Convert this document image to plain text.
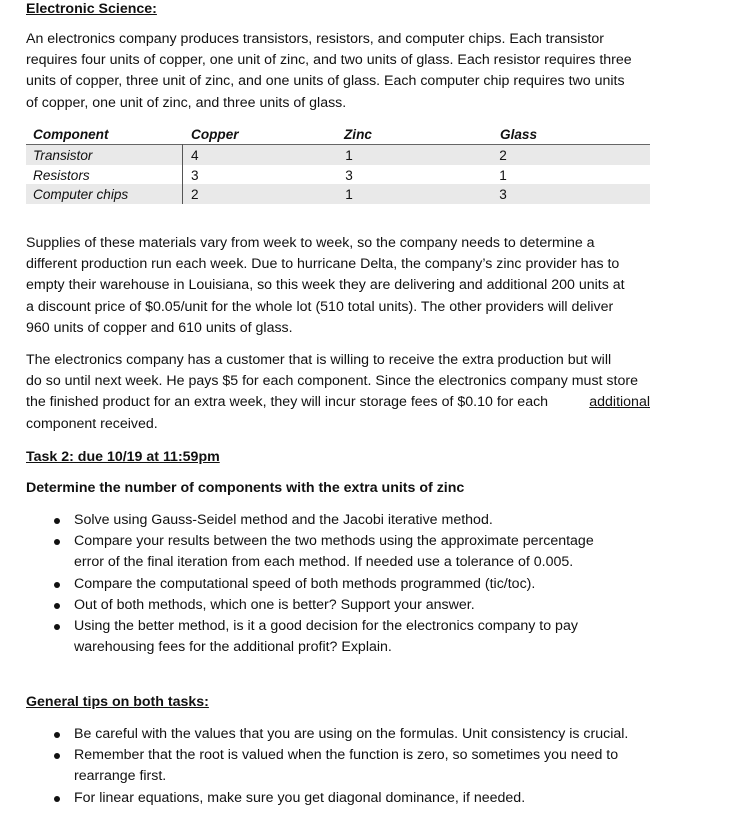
Electronic Science:
An electronics company produces transistors, resistors, and computer chips. Each transistor
requires four units of copper, one unit of zinc, and two units of glass. Each resistor requires three
units of copper, three unit of zinc, and one units of glass. Each computer chip requires two units
of copper, one unit of zinc, and three units of glass.
Component	Copper	Zinc	Glass
Transistor	4	1	2
Resistors	3	3	1
Computer chips	2	1	3
Supplies of these materials vary from week to week, so the company needs to determine a
different production run each week. Due to hurricane Delta, the company’s zinc provider has to
empty their warehouse in Louisiana, so this week they are delivering and additional 200 units at
a discount price of $0.05/unit for the whole lot (510 total units). The other providers will deliver
960 units of copper and 610 units of glass.
The electronics company has a customer that is willing to receive the extra production but will
do so until next week. He pays $5 for each component. Since the electronics company must store
the finished product for an extra week, they will incur storage fees of $0.10 for each	additional
component received.
Task 2: due 10/19 at 11:59pm
Determine the number of components with the extra units of zinc
Solve using Gauss-Seidel method and the Jacobi iterative method.
Compare your results between the two methods using the approximate percentage
error of the final iteration from each method. If needed use a tolerance of 0.005.
Compare the computational speed of both methods programmed (tic/toc).
Out of both methods, which one is better? Support your answer.
Using the better method, is it a good decision for the electronics company to pay
warehousing fees for the additional profit? Explain.
General tips on both tasks:
Be careful with the values that you are using on the formulas. Unit consistency is crucial.
Remember that the root is valued when the function is zero, so sometimes you need to
rearrange first.
For linear equations, make sure you get diagonal dominance, if needed.
